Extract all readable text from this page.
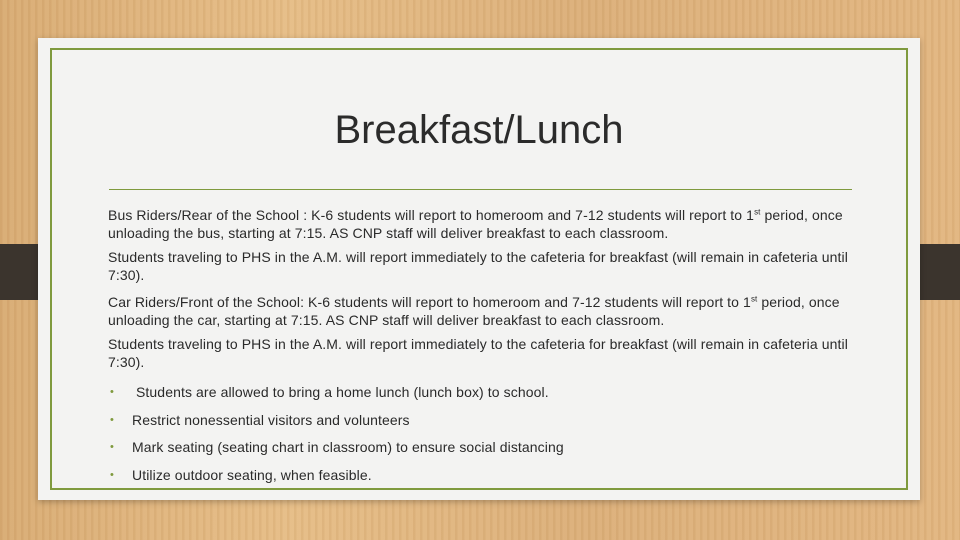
Breakfast/Lunch

Bus Riders/Rear of the School : K-6 students will report to homeroom and 7-12 students will report to 1st period, once unloading the bus, starting at 7:15. AS CNP staff will deliver breakfast to each classroom.

Students traveling to PHS in the A.M. will report immediately to the cafeteria for breakfast (will remain in cafeteria until 7:30).

Car Riders/Front of the School: K-6 students will report to homeroom and 7-12 students will report to 1st period, once unloading the car, starting at 7:15. AS CNP staff will deliver breakfast to each classroom.

Students traveling to PHS in the A.M. will report immediately to the cafeteria for breakfast (will remain in cafeteria until 7:30).

• Students are allowed to bring a home lunch (lunch box) to school.
• Restrict nonessential visitors and volunteers
• Mark seating (seating chart in classroom) to ensure social distancing
• Utilize outdoor seating, when feasible.
